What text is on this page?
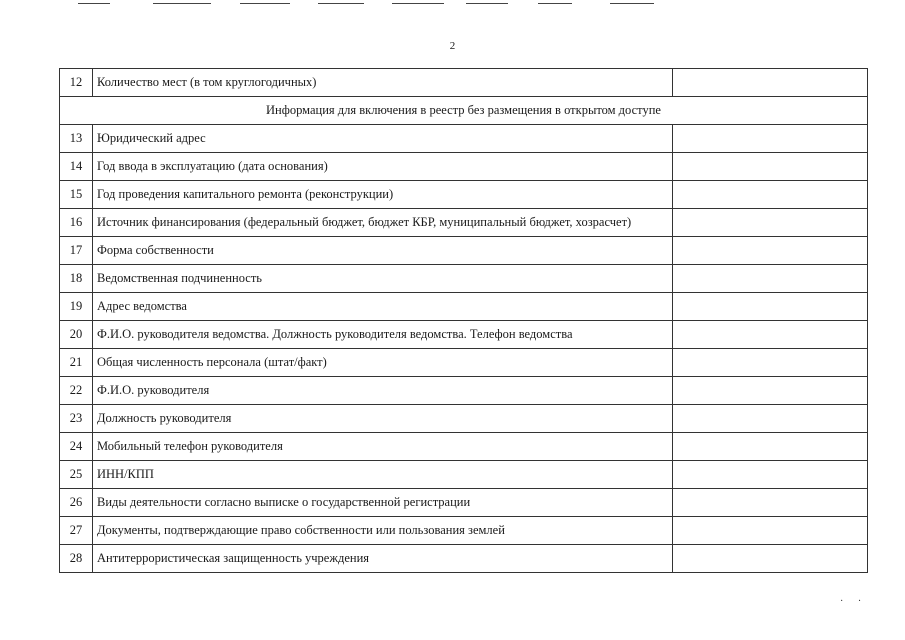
2
12	Количество мест (в том круглогодичных)	
Информация для включения в реестр без размещения в открытом доступе		
13	Юридический адрес	
14	Год ввода в эксплуатацию (дата основания)	
15	Год проведения капитального ремонта (реконструкции)	
16	Источник финансирования (федеральный бюджет, бюджет КБР, муниципальный бюджет, хозрасчет)	
17	Форма собственности	
18	Ведомственная подчиненность	
19	Адрес ведомства	
20	Ф.И.О. руководителя ведомства. Должность руководителя ведомства. Телефон ведомства	
21	Общая численность персонала (штат/факт)	
22	Ф.И.О. руководителя	
23	Должность руководителя	
24	Мобильный телефон руководителя	
25	ИНН/КПП	
26	Виды деятельности согласно выписке о государственной регистрации	
27	Документы, подтверждающие право собственности или пользования землей	
28	Антитеррористическая защищенность учреждения	
· ·
